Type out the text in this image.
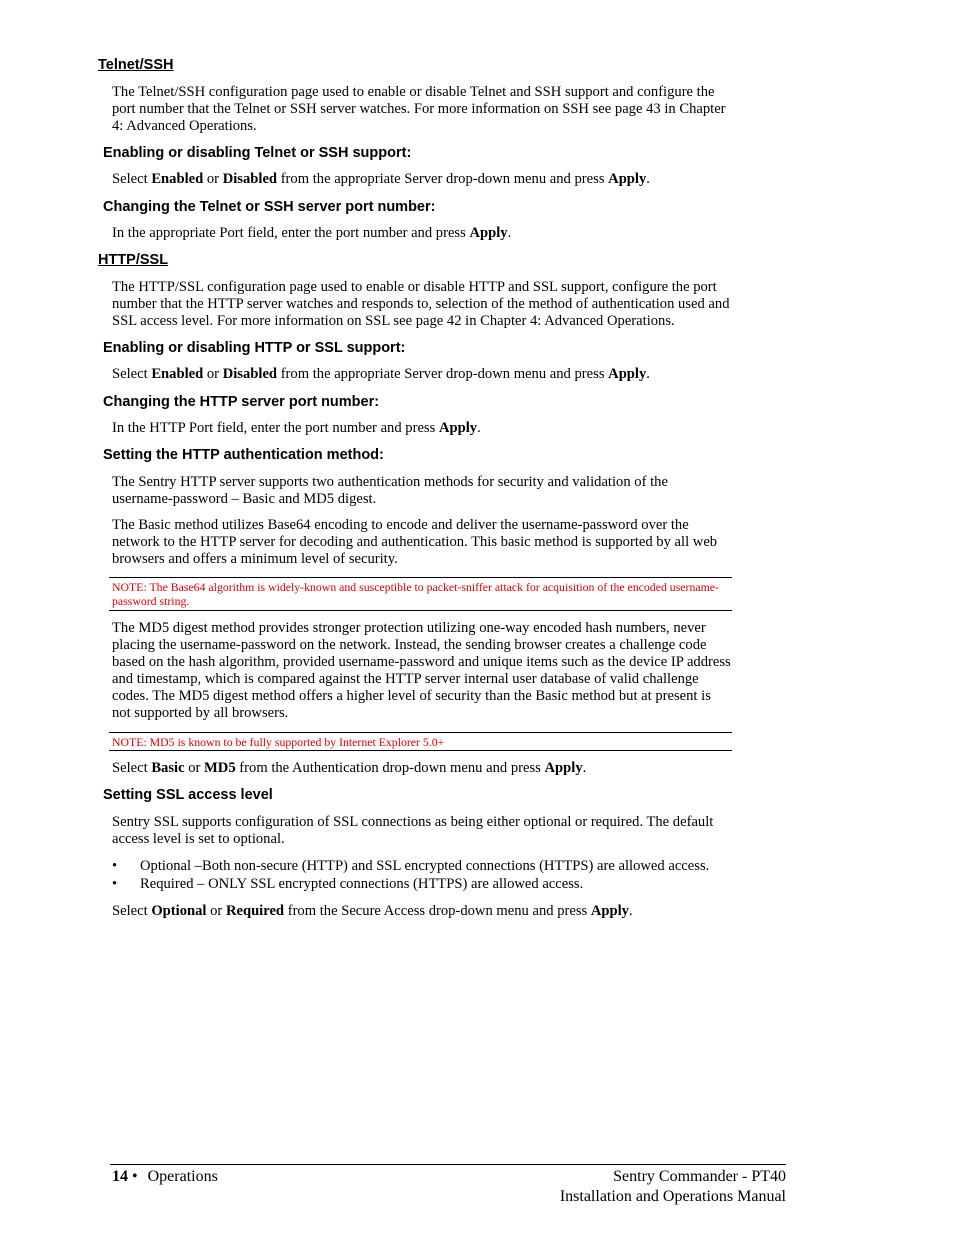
Telnet/SSH

The Telnet/SSH configuration page used to enable or disable Telnet and SSH support and configure the port number that the Telnet or SSH server watches. For more information on SSH see page 43 in Chapter 4: Advanced Operations.

Enabling or disabling Telnet or SSH support:

Select Enabled or Disabled from the appropriate Server drop-down menu and press Apply.

Changing the Telnet or SSH server port number:

In the appropriate Port field, enter the port number and press Apply.

HTTP/SSL

The HTTP/SSL configuration page used to enable or disable HTTP and SSL support, configure the port number that the HTTP server watches and responds to, selection of the method of authentication used and SSL access level. For more information on SSL see page 42 in Chapter 4: Advanced Operations.

Enabling or disabling HTTP or SSL support:

Select Enabled or Disabled from the appropriate Server drop-down menu and press Apply.

Changing the HTTP server port number:

In the HTTP Port field, enter the port number and press Apply.

Setting the HTTP authentication method:

The Sentry HTTP server supports two authentication methods for security and validation of the username-password – Basic and MD5 digest.

The Basic method utilizes Base64 encoding to encode and deliver the username-password over the network to the HTTP server for decoding and authentication. This basic method is supported by all web browsers and offers a minimum level of security.

NOTE: The Base64 algorithm is widely-known and susceptible to packet-sniffer attack for acquisition of the encoded username-password string.

The MD5 digest method provides stronger protection utilizing one-way encoded hash numbers, never placing the username-password on the network. Instead, the sending browser creates a challenge code based on the hash algorithm, provided username-password and unique items such as the device IP address and timestamp, which is compared against the HTTP server internal user database of valid challenge codes. The MD5 digest method offers a higher level of security than the Basic method but at present is not supported by all browsers.

NOTE: MD5 is known to be fully supported by Internet Explorer 5.0+

Select Basic or MD5 from the Authentication drop-down menu and press Apply.

Setting SSL access level

Sentry SSL supports configuration of SSL connections as being either optional or required. The default access level is set to optional.

• Optional –Both non-secure (HTTP) and SSL encrypted connections (HTTPS) are allowed access.
• Required – ONLY SSL encrypted connections (HTTPS) are allowed access.

Select Optional or Required from the Secure Access drop-down menu and press Apply.

14 • Operations	Sentry Commander - PT40
Installation and Operations Manual
